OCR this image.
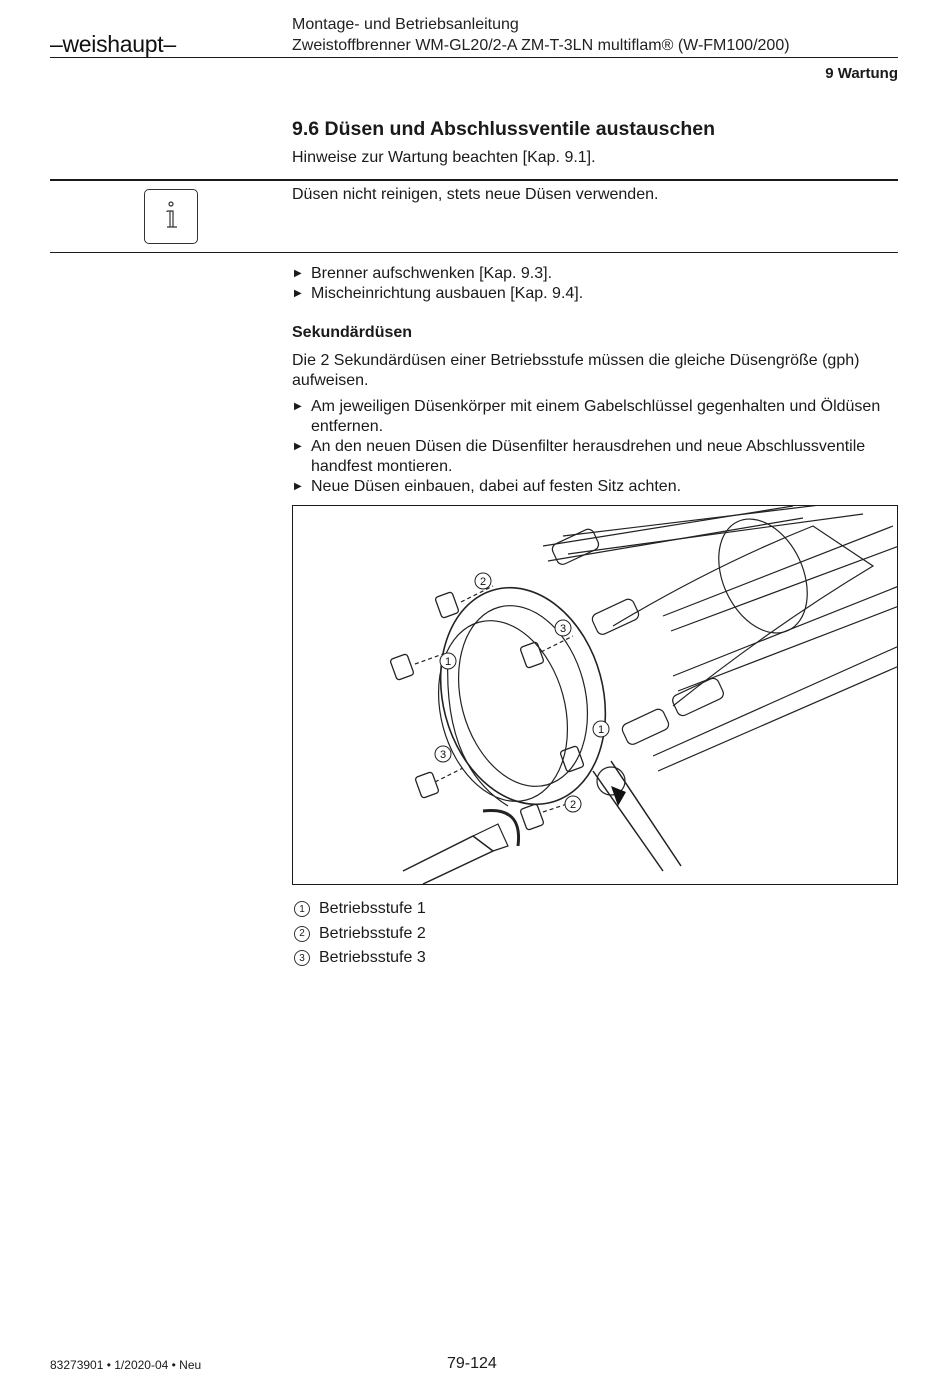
–weishaupt–
Montage- und Betriebsanleitung
Zweistoffbrenner WM-GL20/2-A ZM-T-3LN multiflam® (W-FM100/200)
9 Wartung
9.6 Düsen und Abschlussventile austauschen
Hinweise zur Wartung beachten [Kap. 9.1].
Düsen nicht reinigen, stets neue Düsen verwenden.
▶ Brenner aufschwenken [Kap. 9.3].
▶ Mischeinrichtung ausbauen [Kap. 9.4].
Sekundärdüsen
Die 2 Sekundärdüsen einer Betriebsstufe müssen die gleiche Düsengröße (gph) aufweisen.
▶ Am jeweiligen Düsenkörper mit einem Gabelschlüssel gegenhalten und Öldüsen entfernen.
▶ An den neuen Düsen die Düsenfilter herausdrehen und neue Abschlussventile handfest montieren.
▶ Neue Düsen einbauen, dabei auf festen Sitz achten.
2
3
1
1
3
2
1 Betriebsstufe 1
2 Betriebsstufe 2
3 Betriebsstufe 3
83273901 • 1/2020-04 • Neu	79-124
